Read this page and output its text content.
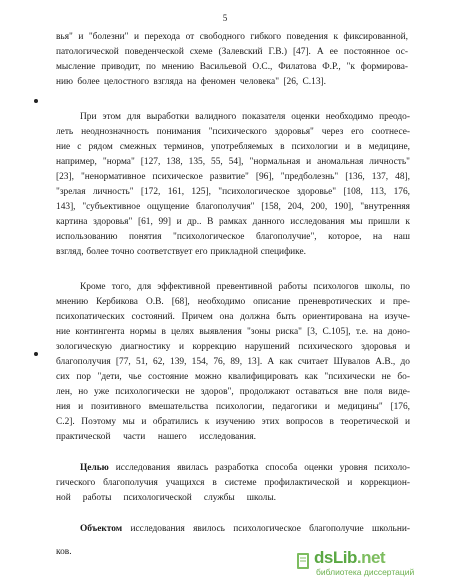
5
вья" и "болезни" и перехода от свободного гибкого поведения к фиксированной,
патологической поведенческой схеме (Залевский Г.В.) [47]. А ее постоянное ос-
мысление приводит, по мнению Васильевой О.С., Филатова Ф.Р., "к формирова-
нию более целостного взгляда на феномен человека" [26, С.13].
При этом для выработки валидного показателя оценки необходимо преодо-
леть неоднозначность понимания "психического здоровья" через его соотнесе-
ние с рядом смежных терминов, употребляемых в психологии и в медицине,
например, "норма" [127, 138, 135, 55, 54], "нормальная и аномальная личность"
[23], "ненормативное психическое развитие" [96], "предболезнь" [136, 137, 48],
"зрелая личность" [172, 161, 125], "психологическое здоровье" [108, 113, 176,
143], "субъективное ощущение благополучия" [158, 204, 200, 190], "внутренняя
картина здоровья" [61, 99] и др.. В рамках данного исследования мы пришли к
использованию понятия "психологическое благополучие", которое, на наш
взгляд, более точно соответствует его прикладной специфике.
Кроме того, для эффективной превентивной работы психологов школы, по
мнению Кербикова О.В. [68], необходимо описание преневротических и пре-
психопатических состояний. Причем она должна быть ориентирована на изуче-
ние контингента нормы в целях выявления "зоны риска" [3, С.105], т.е. на доно-
зологическую диагностику и коррекцию нарушений психического здоровья и
благополучия [77, 51, 62, 139, 154, 76, 89, 13]. А как считает Шувалов А.В., до
сих пор "дети, чье состояние можно квалифицировать как "психически не бо-
лен, но уже психологически не здоров", продолжают оставаться вне поля виде-
ния и позитивного вмешательства психологии, педагогики и медицины" [176,
С.2]. Поэтому мы и обратились к изучению этих вопросов в теоретической и
практической части нашего исследования.
Целью исследования явилась разработка способа оценки уровня психоло-
гического благополучия учащихся в системе профилактической и коррекцион-
ной работы психологической службы школы.
Объектом исследования явилось психологическое благополучие школьни-
ков.	dsLib.net
библиотека диссертаций
